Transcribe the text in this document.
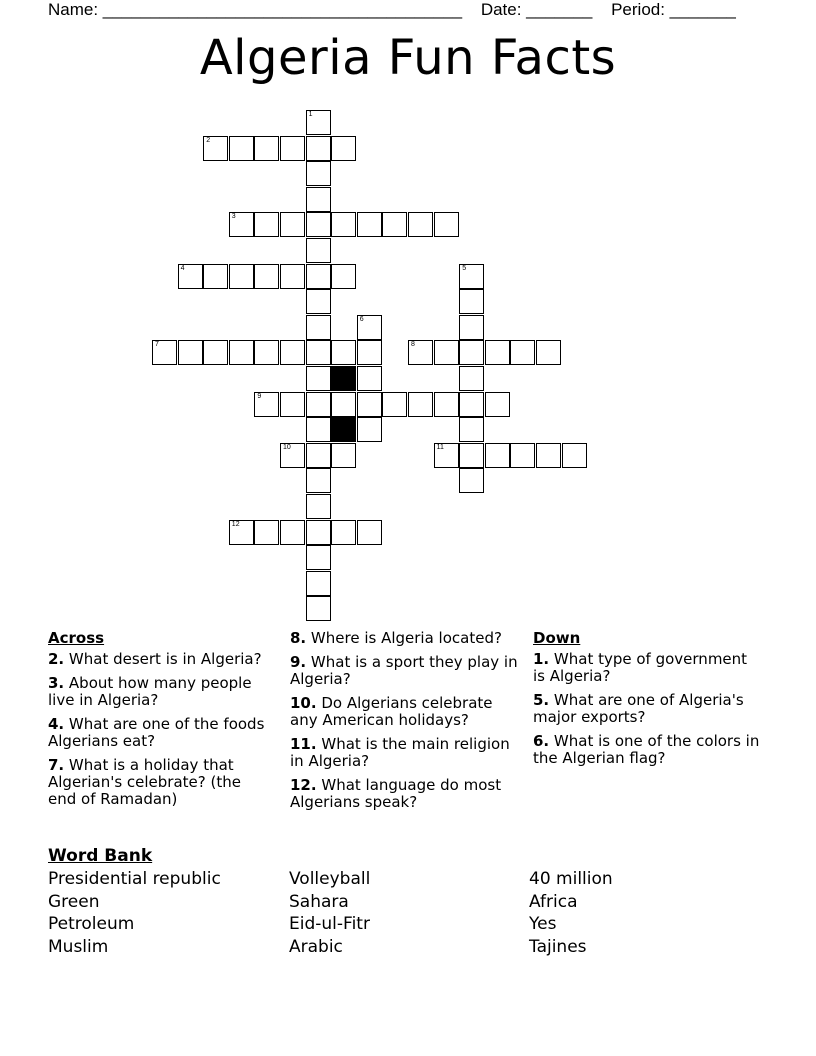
Name: ______________________________________ Date: _______ Period: _______
Algeria Fun Facts
1
2
3
4	5
6
7	8
9
10	11
12
Across
2. What desert is in Algeria?
3. About how many people live in Algeria?
4. What are one of the foods Algerians eat?
7. What is a holiday that Algerian's celebrate? (the end of Ramadan)
8. Where is Algeria located?
9. What is a sport they play in Algeria?
10. Do Algerians celebrate any American holidays?
11. What is the main religion in Algeria?
12. What language do most Algerians speak?
Down
1. What type of government is Algeria?
5. What are one of Algeria's major exports?
6. What is one of the colors in the Algerian flag?
Word Bank
Presidential republic
Green
Petroleum
Muslim
Volleyball
Sahara
Eid-ul-Fitr
Arabic
40 million
Africa
Yes
Tajines
